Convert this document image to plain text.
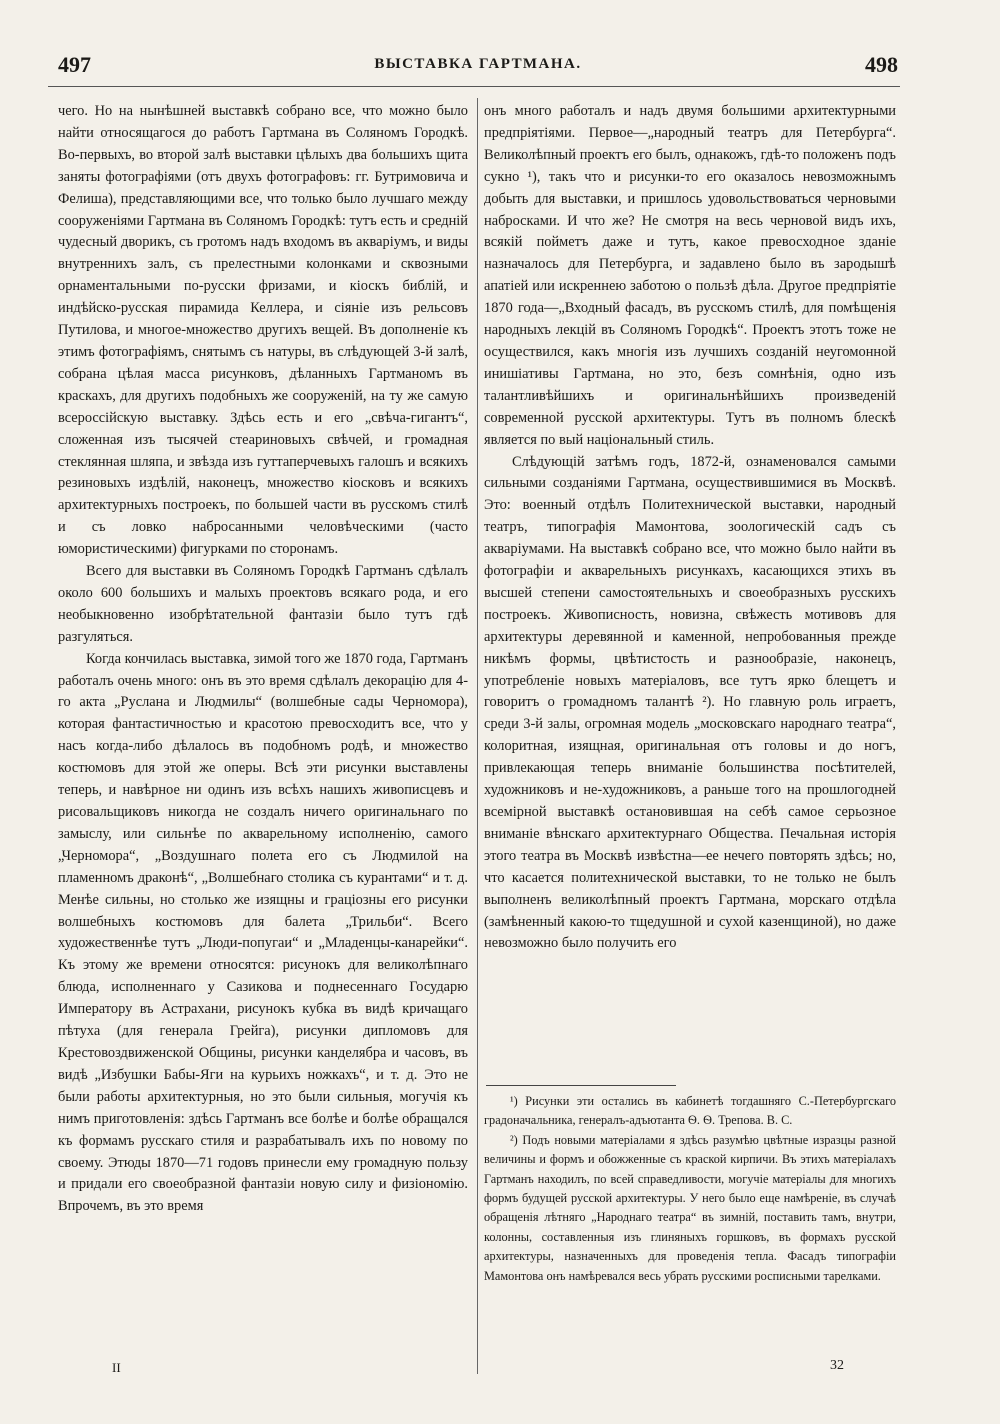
497	ВЫСТАВКА ГАРТМАНА.	498

чего. Но на нынѣшней выставкѣ собрано все, что можно было найти относящагося до работъ Гартмана въ Соляномъ Городкѣ. Во-первыхъ, во второй залѣ выставки цѣлыхъ два большихъ щита заняты фотографіями (отъ двухъ фотографовъ: гг. Бутримовича и Фелиша), представляющими все, что только было лучшаго между сооруженіями Гартмана въ Соляномъ Городкѣ: тутъ есть и средній чудесный дворикъ, съ гротомъ надъ входомъ въ акваріумъ, и виды внутреннихъ залъ, съ прелестными колонками и сквозными орнаментальными по-русски фризами, и кіоскъ библій, и индѣйско-русская пирамида Келлера, и сіяніе изъ рельсовъ Путилова, и многое-множество другихъ вещей. Въ дополненіе къ этимъ фотографіямъ, снятымъ съ натуры, въ слѣдующей 3-й залѣ, собрана цѣлая масса рисунковъ, дѣланныхъ Гартманомъ въ краскахъ, для другихъ подобныхъ же сооруженій, на ту же самую всероссійскую выставку. Здѣсь есть и его „свѣча-гигантъ“, сложенная изъ тысячей стеариновыхъ свѣчей, и громадная стеклянная шляпа, и звѣзда изъ гуттаперчевыхъ галошъ и всякихъ резиновыхъ издѣлій, наконецъ, множество кіосковъ и всякихъ архитектурныхъ построекъ, по большей части въ русскомъ стилѣ и съ ловко набросанными человѣческими (часто юмористическими) фигурками по сторонамъ.

Всего для выставки въ Соляномъ Городкѣ Гартманъ сдѣлалъ около 600 большихъ и малыхъ проектовъ всякаго рода, и его необыкновенно изобрѣтательной фантазіи было тутъ гдѣ разгуляться.

Когда кончилась выставка, зимой того же 1870 года, Гартманъ работалъ очень много: онъ въ это время сдѣлалъ декорацію для 4-го акта „Руслана и Людмилы“ (волшебные сады Черномора), которая фантастичностью и красотою превосходитъ все, что у насъ когда-либо дѣлалось въ подобномъ родѣ, и множество костюмовъ для этой же оперы. Всѣ эти рисунки выставлены теперь, и навѣрное ни одинъ изъ всѣхъ нашихъ живописцевъ и рисовальщиковъ никогда не создалъ ничего оригинальнаго по замыслу, или сильнѣе по акварельному исполненію, самого „Черномора“, „Воздушнаго полета его съ Людмилой на пламенномъ драконѣ“, „Волшебнаго столика съ курантами“ и т. д. Менѣе сильны, но столько же изящны и граціозны его рисунки волшебныхъ костюмовъ для балета „Трильби“. Всего художественнѣе тутъ „Люди-попугаи“ и „Младенцы-канарейки“. Къ этому же времени относятся: рисунокъ для великолѣпнаго блюда, исполненнаго у Сазикова и поднесеннаго Государю Императору въ Астрахани, рисунокъ кубка въ видѣ кричащаго пѣтуха (для генерала Грейга), рисунки дипломовъ для Крестовоздвиженской Общины, рисунки канделябра и часовъ, въ видѣ „Избушки Бабы-Яги на курьихъ ножкахъ“, и т. д. Это не были работы архитектурныя, но это были сильныя, могучія къ нимъ приготовленія: здѣсь Гартманъ все болѣе и болѣе обращался къ формамъ русскаго стиля и разрабатывалъ ихъ по новому по своему. Этюды 1870—71 годовъ принесли ему громадную пользу и придали его своеобразной фантазіи новую силу и физіономію. Впрочемъ, въ это время

онъ много работалъ и надъ двумя большими архитектурными предпріятіями. Первое—„народный театръ для Петербурга“. Великолѣпный проектъ его былъ, однакожъ, гдѣ-то положенъ подъ сукно ¹), такъ что и рисунки-то его оказалось невозможнымъ добыть для выставки, и пришлось удовольствоваться черновыми набросками. И что же? Не смотря на весь черновой видъ ихъ, всякій пойметъ даже и тутъ, какое превосходное зданіе назначалось для Петербурга, и задавлено было въ зародышѣ апатіей или искреннею заботою о пользѣ дѣла. Другое предпріятіе 1870 года—„Входный фасадъ, въ русскомъ стилѣ, для помѣщенія народныхъ лекцій въ Соляномъ Городкѣ“. Проектъ этотъ тоже не осуществился, какъ многія изъ лучшихъ созданій неугомонной инишіативы Гартмана, но это, безъ сомнѣнія, одно изъ талантливѣйшихъ и оригинальнѣйшихъ произведеній современной русской архитектуры. Тутъ въ полномъ блескѣ является по вый національный стиль.

Слѣдующій затѣмъ годъ, 1872-й, ознаменовался самыми сильными созданіями Гартмана, осуществившимися въ Москвѣ. Это: военный отдѣлъ Политехнической выставки, народный театръ, типографія Мамонтова, зоологическій садъ съ акваріумами. На выставкѣ собрано все, что можно было найти въ фотографіи и акварельныхъ рисункахъ, касающихся этихъ въ высшей степени самостоятельныхъ и своеобразныхъ русскихъ построекъ. Живописность, новизна, свѣжесть мотивовъ для архитектуры деревянной и каменной, непробованныя прежде никѣмъ формы, цвѣтистость и разнообразіе, наконецъ, употребленіе новыхъ матеріаловъ, все тутъ ярко блещетъ и говоритъ о громадномъ талантѣ ²). Но главную роль играетъ, среди 3-й залы, огромная модель „московскаго народнаго театра“, колоритная, изящная, оригинальная отъ головы и до ногъ, привлекающая теперь вниманіе большинства посѣтителей, художниковъ и не-художниковъ, а раньше того на прошлогодней всемірной выставкѣ остановившая на себѣ самое серьозное вниманіе вѣнскаго архитектурнаго Общества. Печальная исторія этого театра въ Москвѣ извѣстна—ее нечего повторять здѣсь; но, что касается политехнической выставки, то не только не былъ выполненъ великолѣпный проектъ Гартмана, морскаго отдѣла (замѣненный какою-то тщедушной и сухой казенщиной), но даже невозможно было получить его

¹) Рисунки эти остались въ кабинетѣ тогдашняго С.-Петербургскаго градоначальника, генералъ-адъютанта Ѳ. Ѳ. Трепова. В. С.

²) Подъ новыми матеріалами я здѣсь разумѣю цвѣтные изразцы разной величины и формъ и обожженные съ краской кирпичи. Въ этихъ матеріалахъ Гартманъ находилъ, по всей справедливости, могучіе матеріалы для многихъ формъ будущей русской архитектуры. У него было еще намѣреніе, въ случаѣ обращенія лѣтняго „Народнаго театра“ въ зимній, поставить тамъ, внутри, колонны, составленныя изъ глиняныхъ горшковъ, въ формахъ русской архитектуры, назначенныхъ для проведенія тепла. Фасадъ типографіи Мамонтова онъ намѣревался весь убрать русскими росписными тарелками.

II	32
